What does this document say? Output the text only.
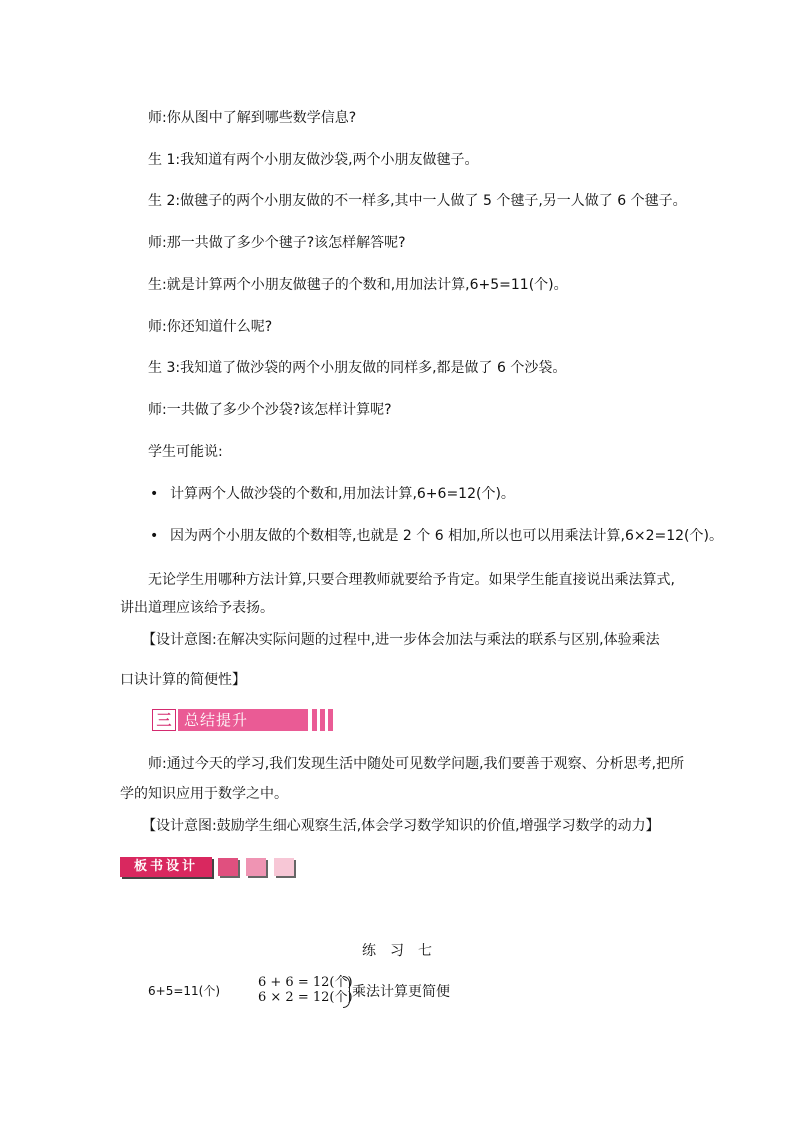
师:你从图中了解到哪些数学信息?
生 1:我知道有两个小朋友做沙袋,两个小朋友做毽子。
生 2:做毽子的两个小朋友做的不一样多,其中一人做了 5 个毽子,另一人做了 6 个毽子。
师:那一共做了多少个毽子?该怎样解答呢?
生:就是计算两个小朋友做毽子的个数和,用加法计算,6+5=11(个)。
师:你还知道什么呢?
生 3:我知道了做沙袋的两个小朋友做的同样多,都是做了 6 个沙袋。
师:一共做了多少个沙袋?该怎样计算呢?
学生可能说:
• 计算两个人做沙袋的个数和,用加法计算,6+6=12(个)。
• 因为两个小朋友做的个数相等,也就是 2 个 6 相加,所以也可以用乘法计算,6×2=12(个)。
无论学生用哪种方法计算,只要合理教师就要给予肯定。如果学生能直接说出乘法算式,
讲出道理应该给予表扬。
【设计意图:在解决实际问题的过程中,进一步体会加法与乘法的联系与区别,体验乘法
口诀计算的简便性】
三 总结提升
师:通过今天的学习,我们发现生活中随处可见数学问题,我们要善于观察、分析思考,把所
学的知识应用于数学之中。
【设计意图:鼓励学生细心观察生活,体会学习数学知识的价值,增强学习数学的动力】
板书设计
练　习　七
6+5=11(个)
6 + 6 = 12(个)
6 × 2 = 12(个) 乘法计算更简便
